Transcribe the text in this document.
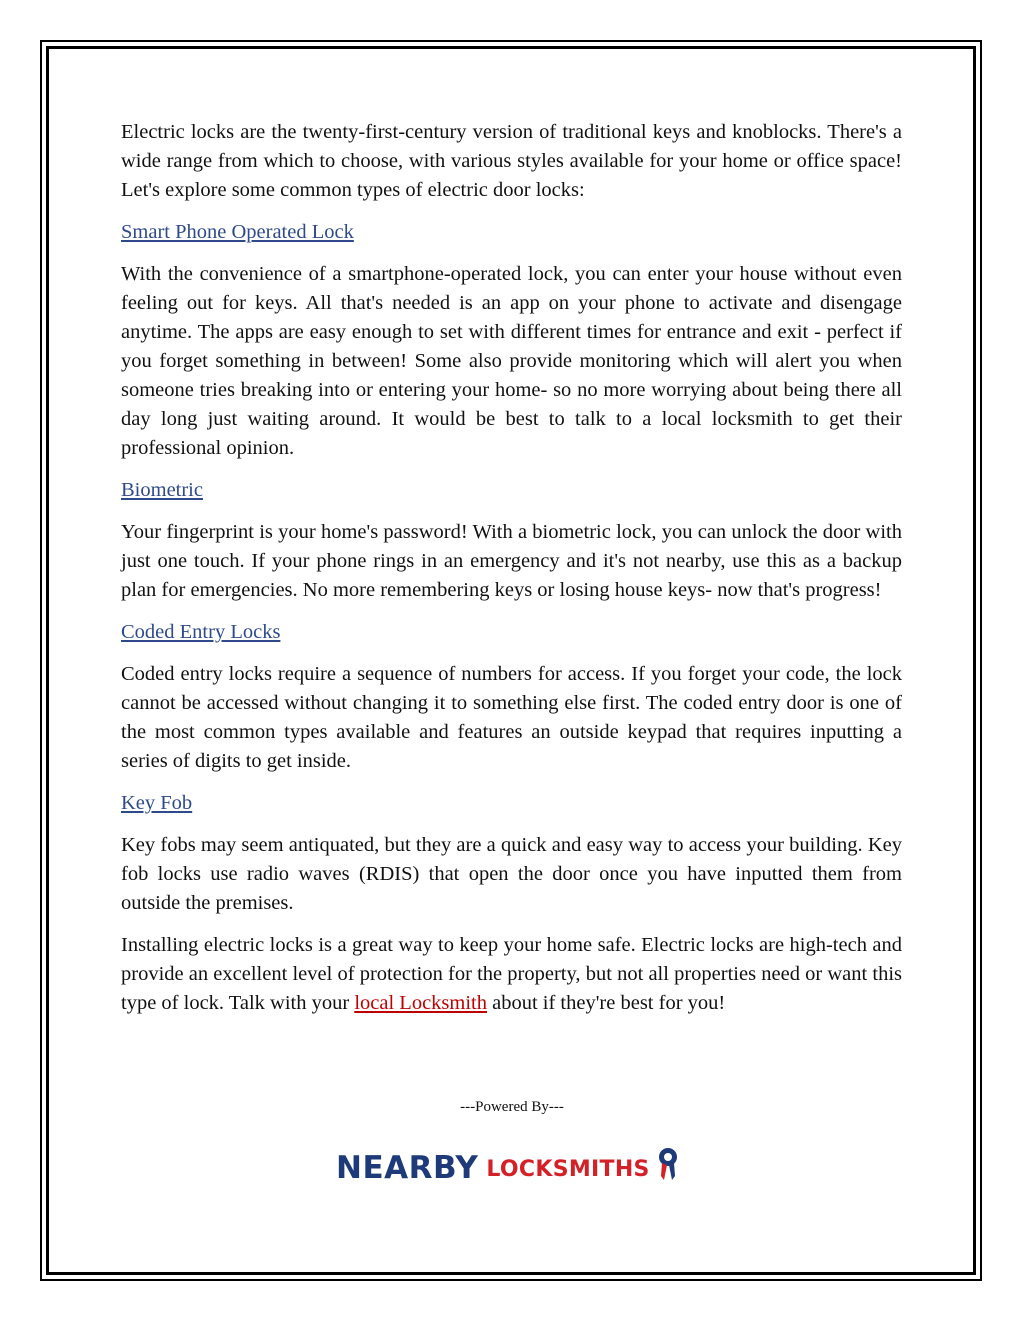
Electric locks are the twenty-first-century version of traditional keys and knoblocks. There's a wide range from which to choose, with various styles available for your home or office space! Let's explore some common types of electric door locks:

Smart Phone Operated Lock

With the convenience of a smartphone-operated lock, you can enter your house without even feeling out for keys. All that's needed is an app on your phone to activate and disengage anytime. The apps are easy enough to set with different times for entrance and exit - perfect if you forget something in between! Some also provide monitoring which will alert you when someone tries breaking into or entering your home- so no more worrying about being there all day long just waiting around. It would be best to talk to a local locksmith to get their professional opinion.

Biometric

Your fingerprint is your home's password! With a biometric lock, you can unlock the door with just one touch. If your phone rings in an emergency and it's not nearby, use this as a backup plan for emergencies. No more remembering keys or losing house keys- now that's progress!

Coded Entry Locks

Coded entry locks require a sequence of numbers for access. If you forget your code, the lock cannot be accessed without changing it to something else first. The coded entry door is one of the most common types available and features an outside keypad that requires inputting a series of digits to get inside.

Key Fob

Key fobs may seem antiquated, but they are a quick and easy way to access your building. Key fob locks use radio waves (RDIS) that open the door once you have inputted them from outside the premises.

Installing electric locks is a great way to keep your home safe. Electric locks are high-tech and provide an excellent level of protection for the property, but not all properties need or want this type of lock. Talk with your local Locksmith about if they're best for you!

---Powered By---
NEARBY LOCKSMITHS
